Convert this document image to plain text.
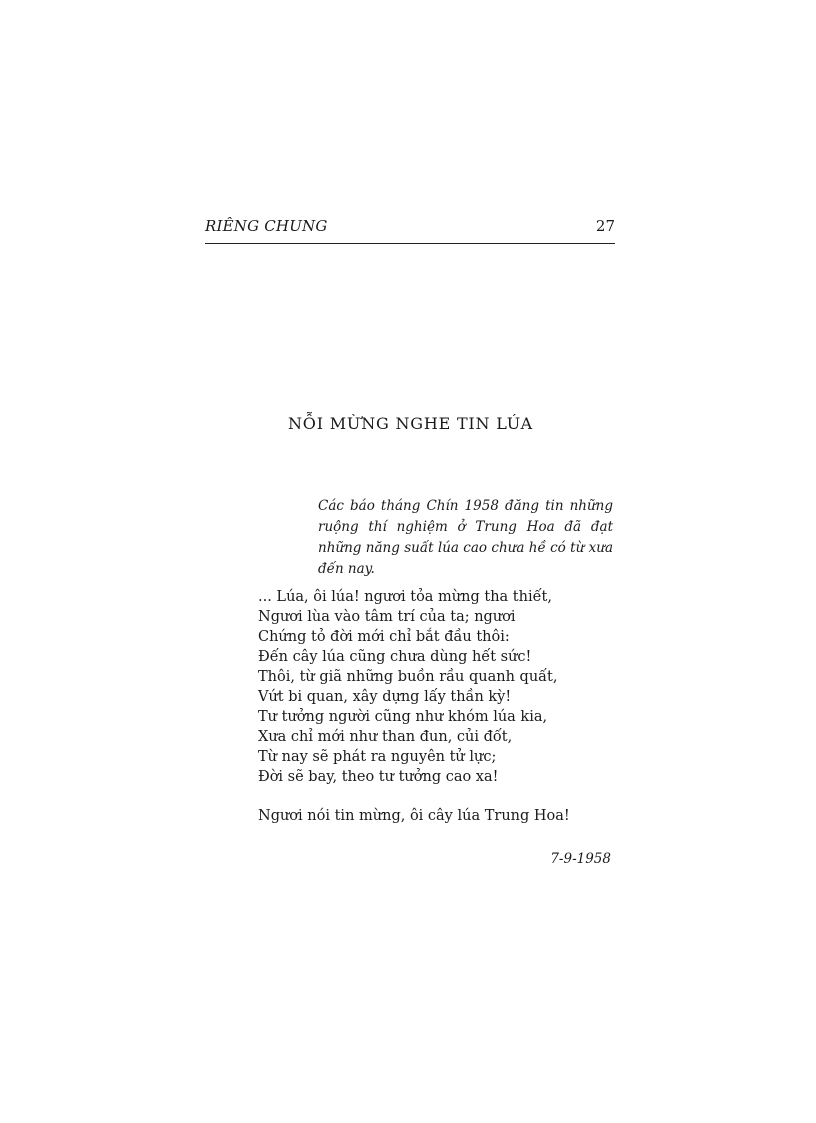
RIÊNG CHUNG	27
NỖI MỪNG NGHE TIN LÚA
Các báo tháng Chín 1958 đăng tin những ruộng thí nghiệm ở Trung Hoa đã đạt những năng suất lúa cao chưa hề có từ xưa đến nay.
... Lúa, ôi lúa! ngươi tỏa mừng tha thiết,
Ngươi lùa vào tâm trí của ta; ngươi
Chứng tỏ đời mới chỉ bắt đầu thôi:
Đến cây lúa cũng chưa dùng hết sức!
Thôi, từ giã những buồn rầu quanh quất,
Vứt bi quan, xây dựng lấy thần kỳ!
Tư tưởng người cũng như khóm lúa kia,
Xưa chỉ mới như than đun, củi đốt,
Từ nay sẽ phát ra nguyên tử lực;
Đời sẽ bay, theo tư tưởng cao xa!
Ngươi nói tin mừng, ôi cây lúa Trung Hoa!
7-9-1958
